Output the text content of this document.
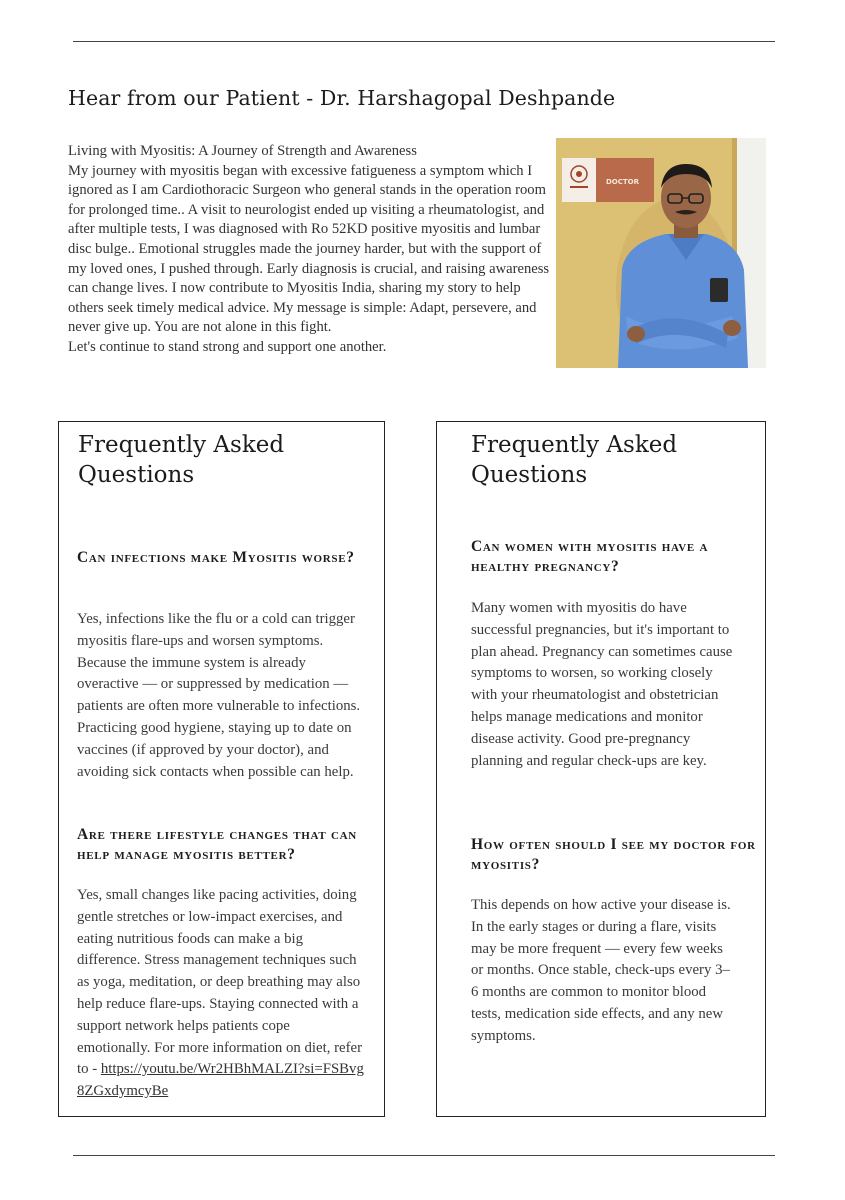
Hear from our Patient - Dr. Harshagopal Deshpande

Living with Myositis: A Journey of Strength and Awareness

My journey with myositis began with excessive fatigueness a symptom which I ignored as I am Cardiothoracic Surgeon who general stands in the operation room for prolonged time.. A visit to neurologist ended up visiting a rheumatologist, and after multiple tests, I was diagnosed with Ro 52KD positive myositis and lumbar disc bulge.. Emotional struggles made the journey harder, but with the support of my loved ones, I pushed through. Early diagnosis is crucial, and raising awareness can change lives. I now contribute to Myositis India, sharing my story to help others seek timely medical advice. My message is simple: Adapt, persevere, and never give up. You are not alone in this fight.

Let's continue to stand strong and support one another.

DOCTOR
Frequently Asked Questions

Can infections make Myositis worse?

Yes, infections like the flu or a cold can trigger myositis flare-ups and worsen symptoms. Because the immune system is already overactive — or suppressed by medication — patients are often more vulnerable to infections. Practicing good hygiene, staying up to date on vaccines (if approved by your doctor), and avoiding sick contacts when possible can help.

Are there lifestyle changes that can help manage myositis better?

Yes, small changes like pacing activities, doing gentle stretches or low-impact exercises, and eating nutritious foods can make a big difference. Stress management techniques such as yoga, meditation, or deep breathing may also help reduce flare-ups. Staying connected with a support network helps patients cope emotionally. For more information on diet, refer to - https://youtu.be/Wr2HBhMALZI?si=FSBvg8ZGxdymcyBe

Frequently Asked Questions

Can women with myositis have a healthy pregnancy?

Many women with myositis do have successful pregnancies, but it's important to plan ahead. Pregnancy can sometimes cause symptoms to worsen, so working closely with your rheumatologist and obstetrician helps manage medications and monitor disease activity. Good pre-pregnancy planning and regular check-ups are key.

How often should I see my doctor for myositis?

This depends on how active your disease is. In the early stages or during a flare, visits may be more frequent — every few weeks or months. Once stable, check-ups every 3–6 months are common to monitor blood tests, medication side effects, and any new symptoms.
